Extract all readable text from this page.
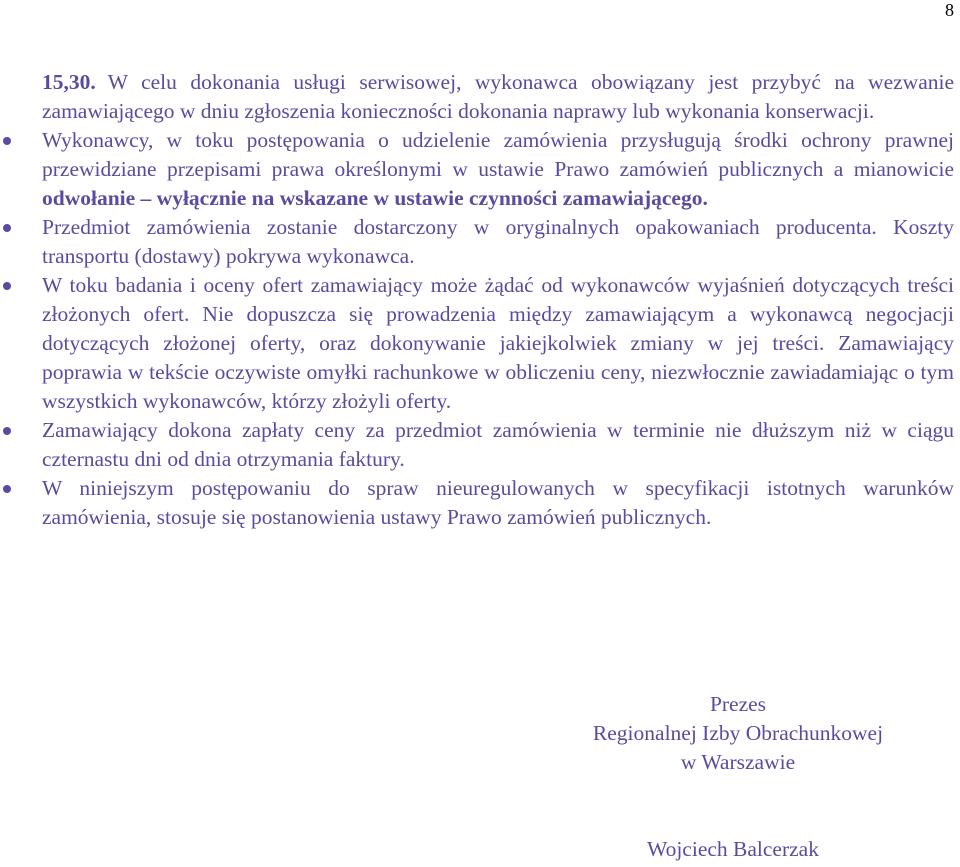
8

15,30. W celu dokonania usługi serwisowej, wykonawca obowiązany jest przybyć na wezwanie zamawiającego w dniu zgłoszenia konieczności dokonania naprawy lub wykonania konserwacji.

Wykonawcy, w toku postępowania o udzielenie zamówienia przysługują środki ochrony prawnej przewidziane przepisami prawa określonymi w ustawie Prawo zamówień publicznych a mianowicie odwołanie – wyłącznie na wskazane w ustawie czynności zamawiającego.

Przedmiot zamówienia zostanie dostarczony w oryginalnych opakowaniach producenta. Koszty transportu (dostawy) pokrywa wykonawca.

W toku badania i oceny ofert zamawiający może żądać od wykonawców wyjaśnień dotyczących treści złożonych ofert. Nie dopuszcza się prowadzenia między zamawiającym a wykonawcą negocjacji dotyczących złożonej oferty, oraz dokonywanie jakiejkolwiek zmiany w jej treści. Zamawiający poprawia w tekście oczywiste omyłki rachunkowe w obliczeniu ceny, niezwłocznie zawiadamiając o tym wszystkich wykonawców, którzy złożyli oferty.

Zamawiający dokona zapłaty ceny za przedmiot zamówienia w terminie nie dłuższym niż w ciągu czternastu dni od dnia otrzymania faktury.

W niniejszym postępowaniu do spraw nieuregulowanych w specyfikacji istotnych warunków zamówienia, stosuje się postanowienia ustawy Prawo zamówień publicznych.

Prezes
Regionalnej Izby Obrachunkowej
w Warszawie
Wojciech Balcerzak
